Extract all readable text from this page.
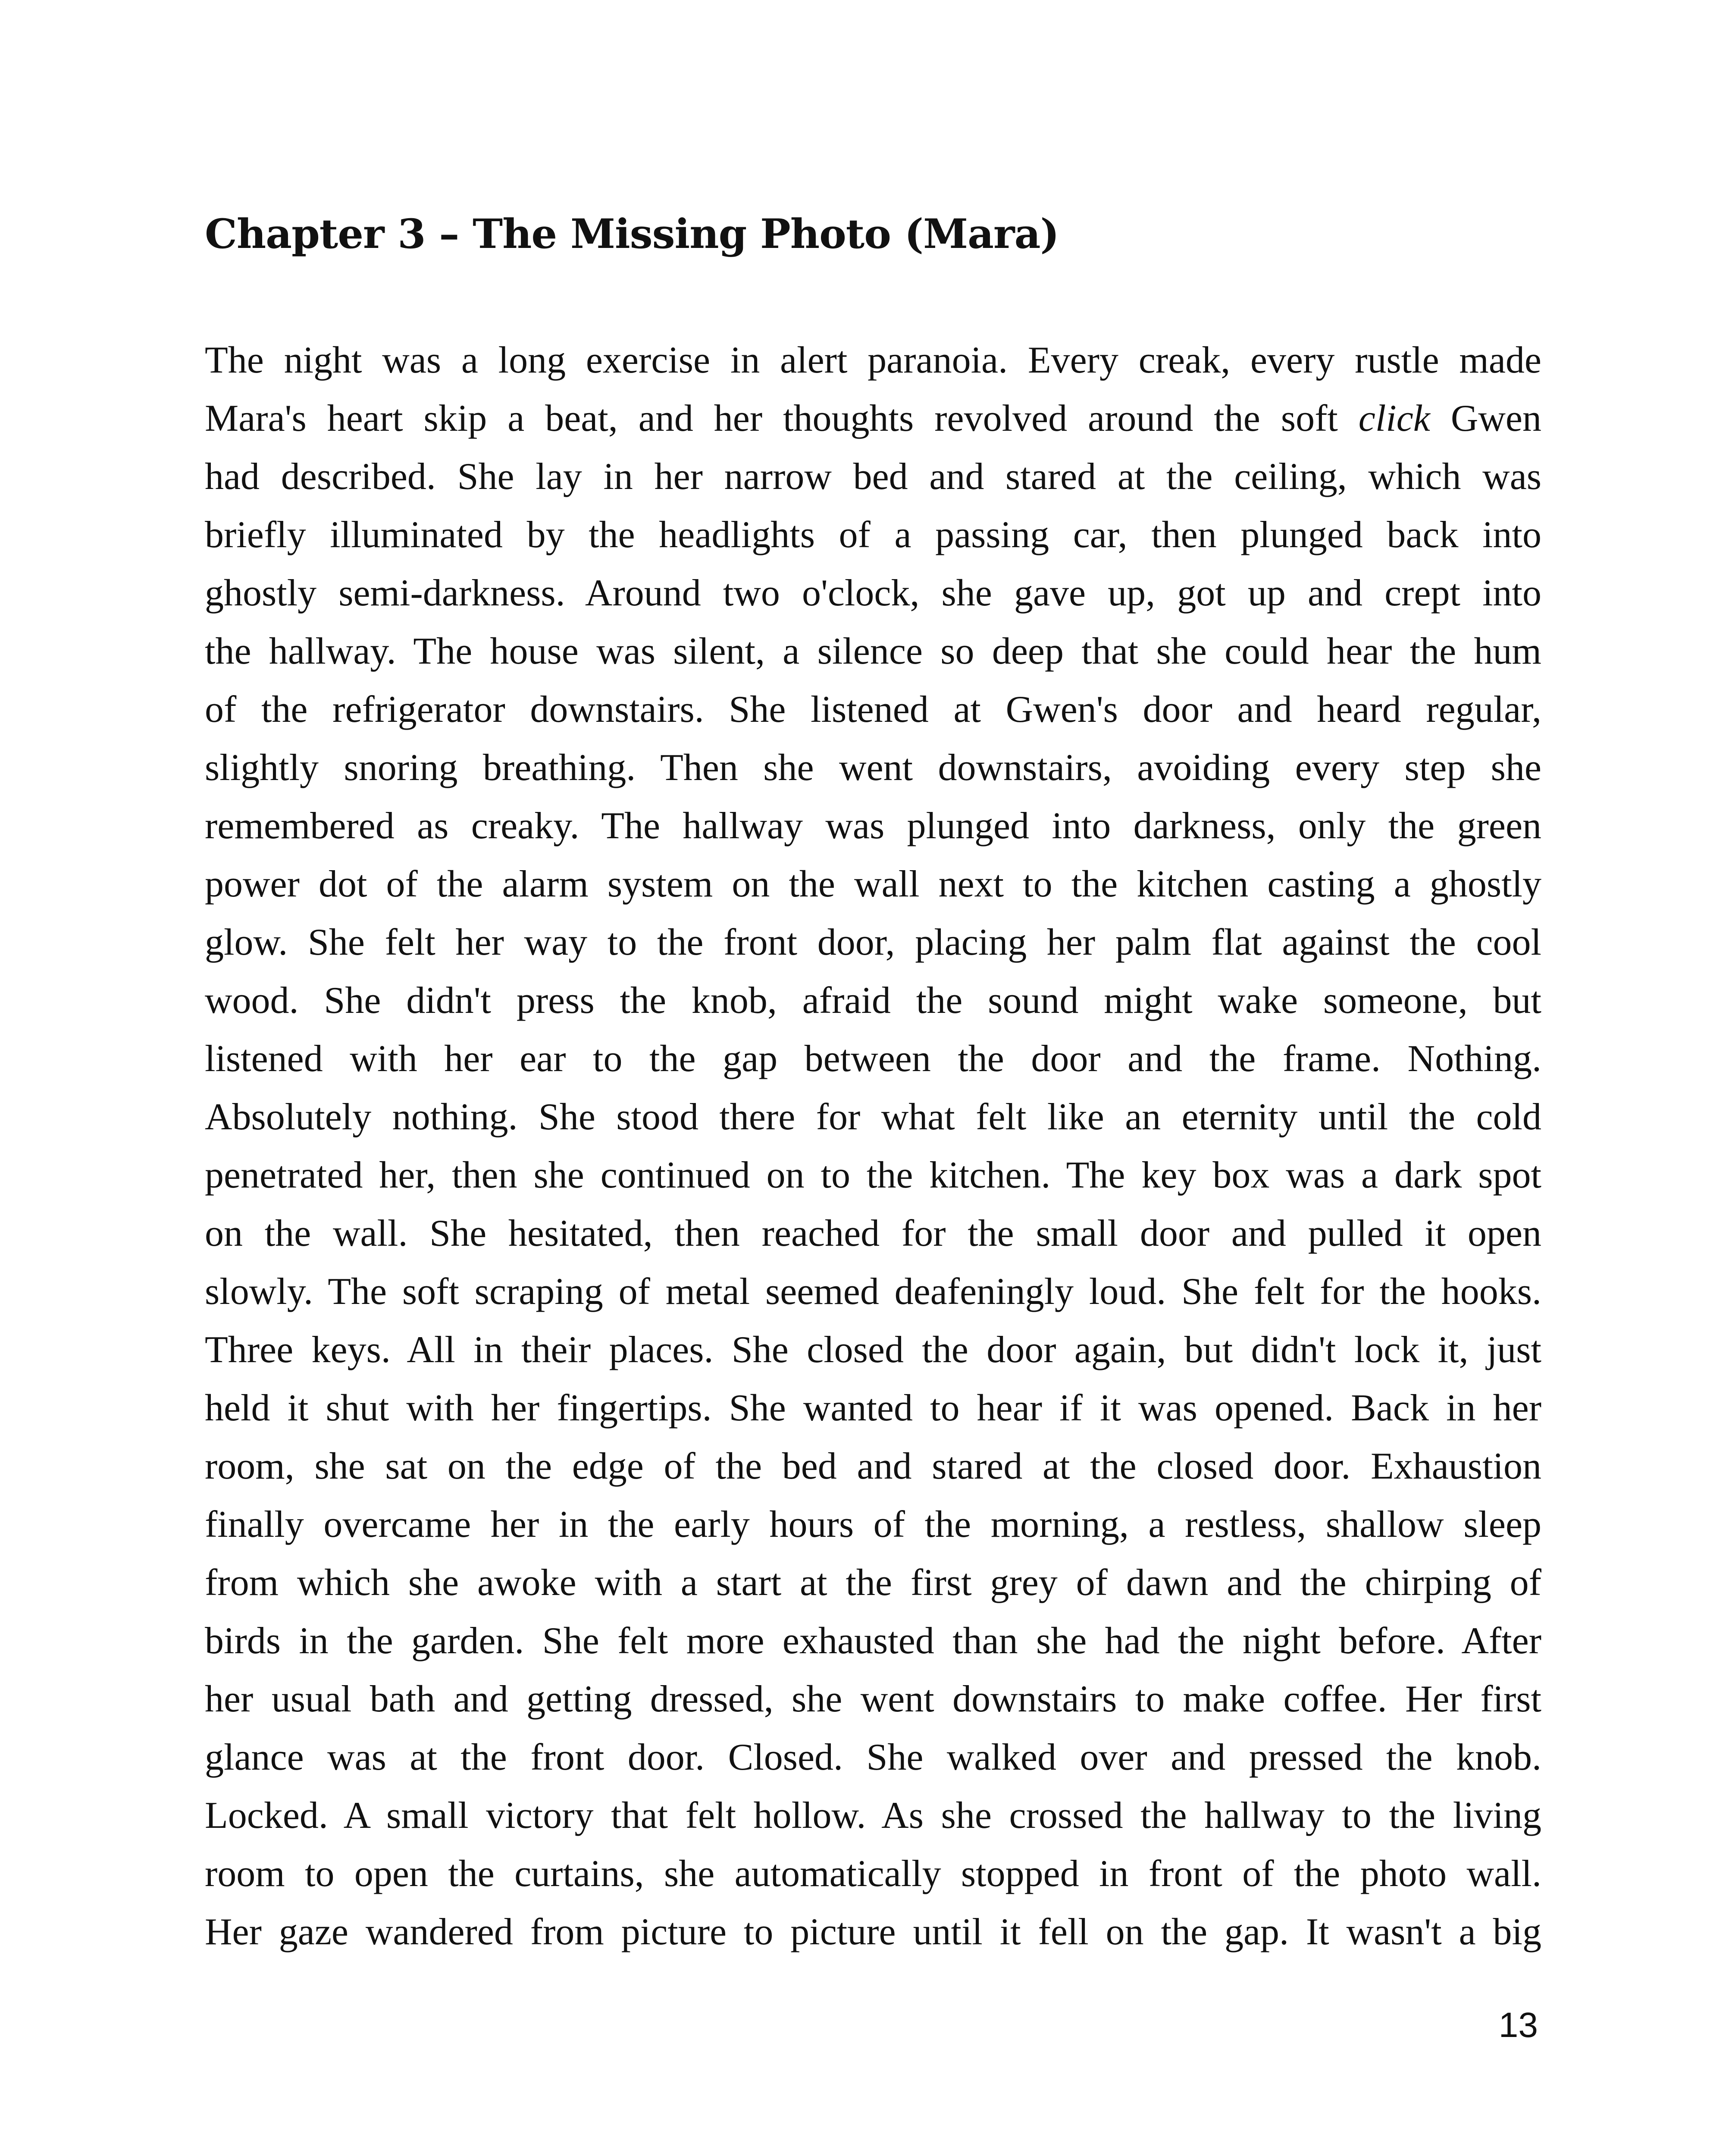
Chapter 3 – The Missing Photo (Mara)
The night was a long exercise in alert paranoia. Every creak, every rustle made
Mara's heart skip a beat, and her thoughts revolved around the soft click Gwen
had described. She lay in her narrow bed and stared at the ceiling, which was
briefly illuminated by the headlights of a passing car, then plunged back into
ghostly semi-darkness. Around two o'clock, she gave up, got up and crept into
the hallway. The house was silent, a silence so deep that she could hear the hum
of the refrigerator downstairs. She listened at Gwen's door and heard regular,
slightly snoring breathing. Then she went downstairs, avoiding every step she
remembered as creaky. The hallway was plunged into darkness, only the green
power dot of the alarm system on the wall next to the kitchen casting a ghostly
glow. She felt her way to the front door, placing her palm flat against the cool
wood. She didn't press the knob, afraid the sound might wake someone, but
listened with her ear to the gap between the door and the frame. Nothing.
Absolutely nothing. She stood there for what felt like an eternity until the cold
penetrated her, then she continued on to the kitchen. The key box was a dark spot
on the wall. She hesitated, then reached for the small door and pulled it open
slowly. The soft scraping of metal seemed deafeningly loud. She felt for the hooks.
Three keys. All in their places. She closed the door again, but didn't lock it, just
held it shut with her fingertips. She wanted to hear if it was opened. Back in her
room, she sat on the edge of the bed and stared at the closed door. Exhaustion
finally overcame her in the early hours of the morning, a restless, shallow sleep
from which she awoke with a start at the first grey of dawn and the chirping of
birds in the garden. She felt more exhausted than she had the night before. After
her usual bath and getting dressed, she went downstairs to make coffee. Her first
glance was at the front door. Closed. She walked over and pressed the knob.
Locked. A small victory that felt hollow. As she crossed the hallway to the living
room to open the curtains, she automatically stopped in front of the photo wall.
Her gaze wandered from picture to picture until it fell on the gap. It wasn't a big
13
